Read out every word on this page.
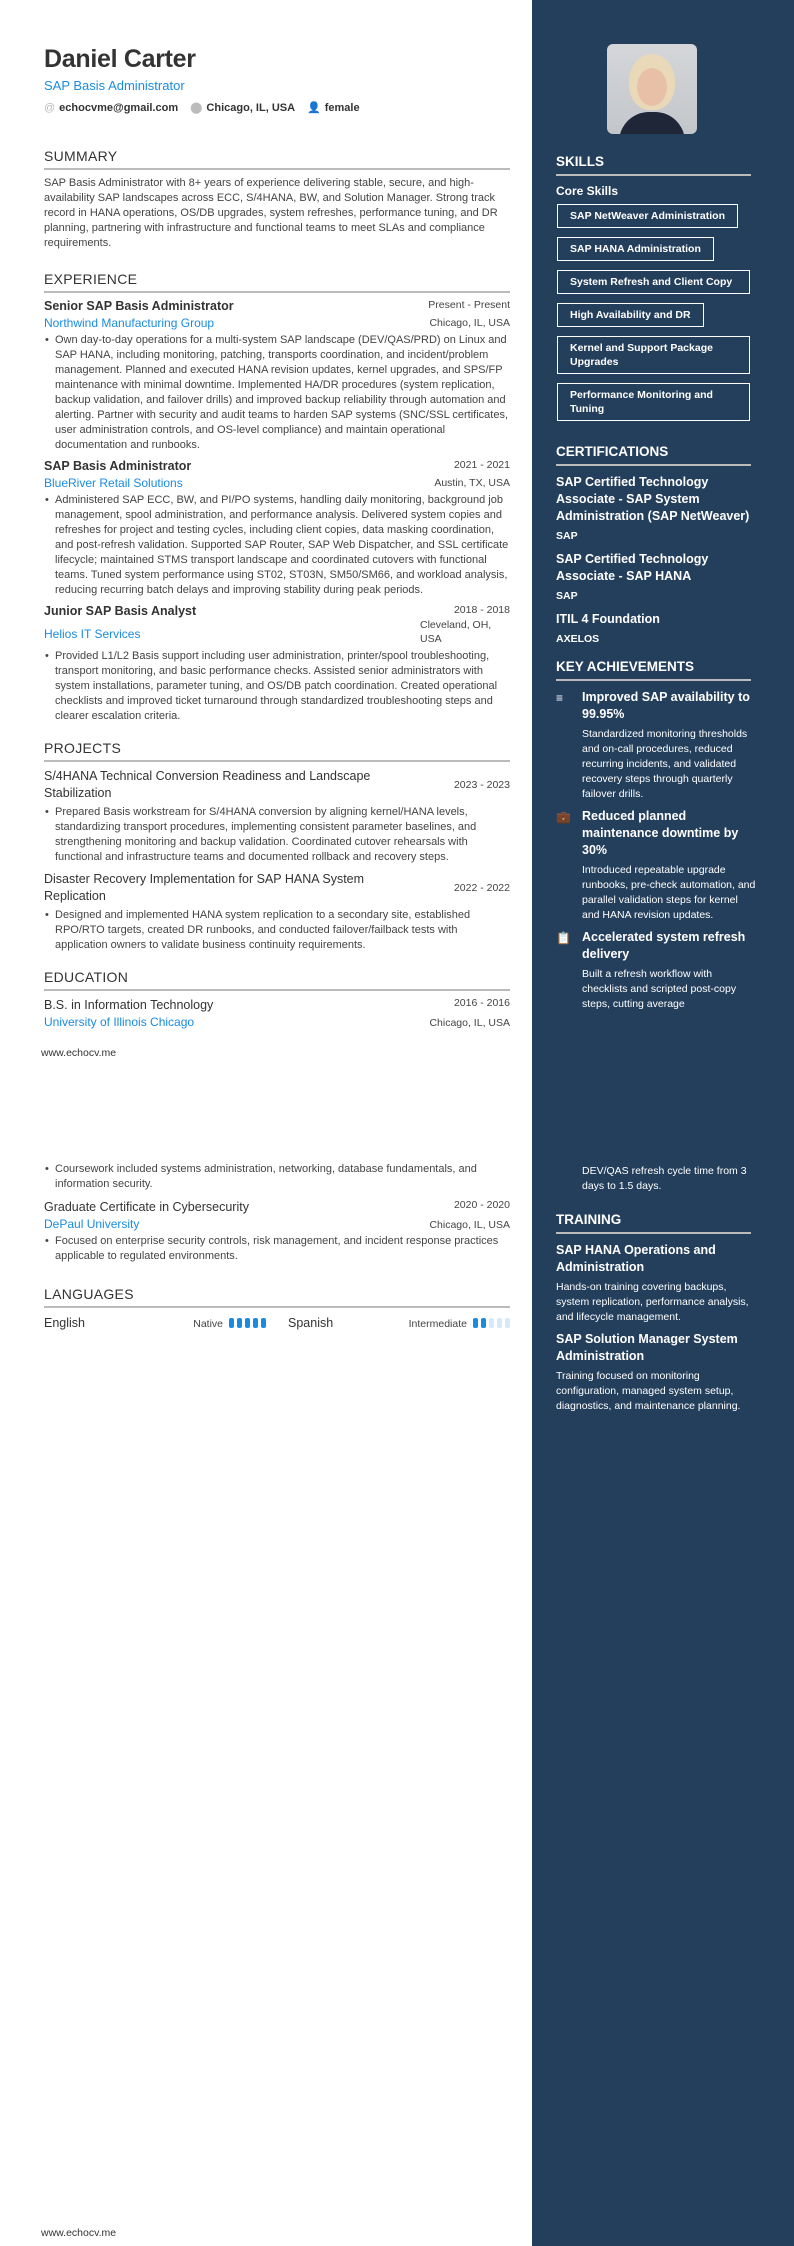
Daniel Carter
SAP Basis Administrator
@ echocvme@gmail.com ⬤ Chicago, IL, USA 👤 female
SUMMARY
SAP Basis Administrator with 8+ years of experience delivering stable, secure, and high-availability SAP landscapes across ECC, S/4HANA, BW, and Solution Manager. Strong track record in HANA operations, OS/DB upgrades, system refreshes, performance tuning, and DR planning, partnering with infrastructure and functional teams to meet SLAs and compliance requirements.
EXPERIENCE
Senior SAP Basis Administrator	Present - Present
Northwind Manufacturing Group	Chicago, IL, USA
• Own day-to-day operations for a multi-system SAP landscape (DEV/QAS/PRD) on Linux and SAP HANA, including monitoring, patching, transports coordination, and incident/problem management. Planned and executed HANA revision updates, kernel upgrades, and SPS/FP maintenance with minimal downtime. Implemented HA/DR procedures (system replication, backup validation, and failover drills) and improved backup reliability through automation and alerting. Partner with security and audit teams to harden SAP systems (SNC/SSL certificates, user administration controls, and OS-level compliance) and maintain operational documentation and runbooks.
SAP Basis Administrator	2021 - 2021
BlueRiver Retail Solutions	Austin, TX, USA
• Administered SAP ECC, BW, and PI/PO systems, handling daily monitoring, background job management, spool administration, and performance analysis. Delivered system copies and refreshes for project and testing cycles, including client copies, data masking coordination, and post-refresh validation. Supported SAP Router, SAP Web Dispatcher, and SSL certificate lifecycle; maintained STMS transport landscape and coordinated cutovers with functional teams. Tuned system performance using ST02, ST03N, SM50/SM66, and workload analysis, reducing recurring batch delays and improving stability during peak periods.
Junior SAP Basis Analyst	2018 - 2018
Helios IT Services
Cleveland, OH, USA
• Provided L1/L2 Basis support including user administration, printer/spool troubleshooting, transport monitoring, and basic performance checks. Assisted senior administrators with system installations, parameter tuning, and OS/DB patch coordination. Created operational checklists and improved ticket turnaround through standardized troubleshooting steps and clearer escalation criteria.
PROJECTS
S/4HANA Technical Conversion Readiness and Landscape Stabilization
2023 - 2023
• Prepared Basis workstream for S/4HANA conversion by aligning kernel/HANA levels, standardizing transport procedures, implementing consistent parameter baselines, and strengthening monitoring and backup validation. Coordinated cutover rehearsals with functional and infrastructure teams and documented rollback and recovery steps.
Disaster Recovery Implementation for SAP HANA System Replication
2022 - 2022
• Designed and implemented HANA system replication to a secondary site, established RPO/RTO targets, created DR runbooks, and conducted failover/failback tests with application owners to validate business continuity requirements.
EDUCATION
B.S. in Information Technology	2016 - 2016
University of Illinois Chicago	Chicago, IL, USA
www.echocv.me
• Coursework included systems administration, networking, database fundamentals, and information security.
Graduate Certificate in Cybersecurity	2020 - 2020
DePaul University	Chicago, IL, USA
• Focused on enterprise security controls, risk management, and incident response practices applicable to regulated environments.
LANGUAGES
English	Native	Spanish	Intermediate
www.echocv.me
SKILLS
Core Skills
SAP NetWeaver Administration SAP HANA Administration System Refresh and Client Copy High Availability and DR Kernel and Support Package Upgrades Performance Monitoring and Tuning
CERTIFICATIONS
SAP Certified Technology Associate - SAP System Administration (SAP NetWeaver)
SAP
SAP Certified Technology Associate - SAP HANA
SAP
ITIL 4 Foundation
AXELOS
KEY ACHIEVEMENTS
≡	Improved SAP availability to 99.95%
Standardized monitoring thresholds and on-call procedures, reduced recurring incidents, and validated recovery steps through quarterly failover drills.
💼 Reduced planned maintenance downtime by 30%
Introduced repeatable upgrade runbooks, pre-check automation, and parallel validation steps for kernel and HANA revision updates.
📋 Accelerated system refresh delivery
Built a refresh workflow with checklists and scripted post-copy steps, cutting average
DEV/QAS refresh cycle time from 3 days to 1.5 days.
TRAINING
SAP HANA Operations and Administration
Hands-on training covering backups, system replication, performance analysis, and lifecycle management.
SAP Solution Manager System Administration
Training focused on monitoring configuration, managed system setup, diagnostics, and maintenance planning.
